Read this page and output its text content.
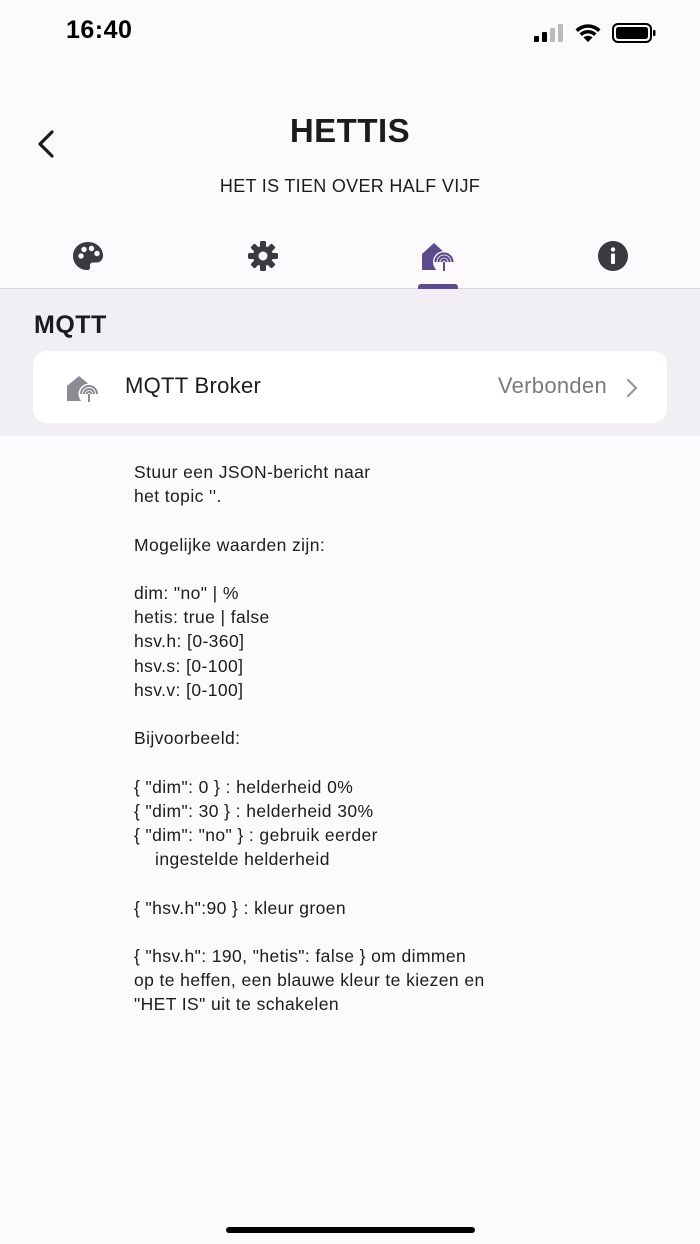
16:40
HETTIS
HET IS TIEN OVER HALF VIJF
MQTT
MQTT Broker	Verbonden

Stuur een JSON-bericht naar
het topic ''.

Mogelijke waarden zijn:

dim: "no" | %
hetis: true | false
hsv.h: [0-360]
hsv.s: [0-100]
hsv.v: [0-100]

Bijvoorbeeld:

{ "dim": 0 } : helderheid 0%
{ "dim": 30 } : helderheid 30%
{ "dim": "no" } : gebruik eerder
ingestelde helderheid

{ "hsv.h":90 } : kleur groen

{ "hsv.h": 190, "hetis": false } om dimmen
op te heffen, een blauwe kleur te kiezen en
"HET IS" uit te schakelen
